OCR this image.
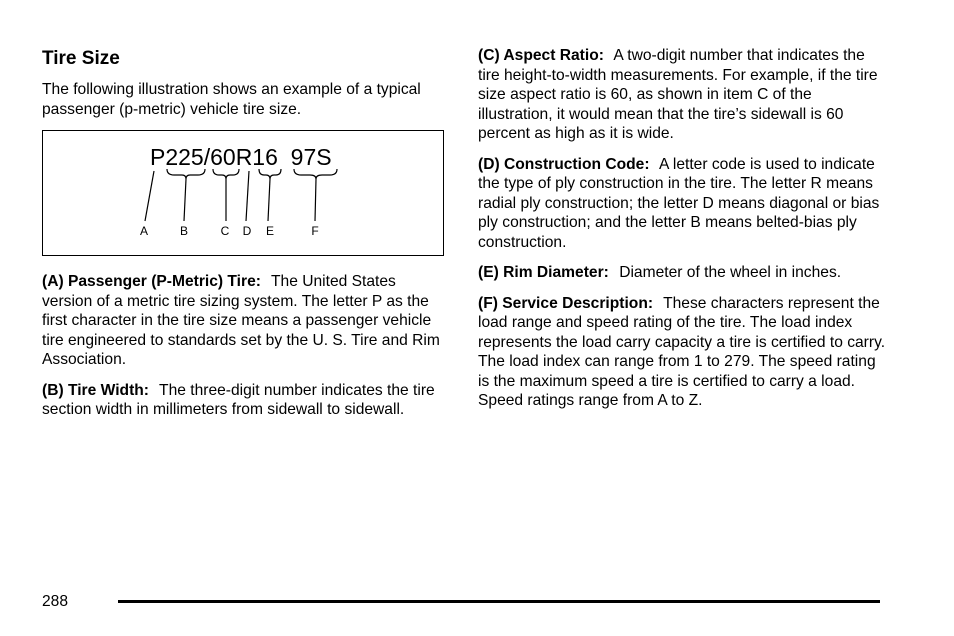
Tire Size

The following illustration shows an example of a typical passenger (p-metric) vehicle tire size.

P225/60R16  97S
A	B	C D E	F

(A) Passenger (P-Metric) Tire: The United States version of a metric tire sizing system. The letter P as the first character in the tire size means a passenger vehicle tire engineered to standards set by the U. S. Tire and Rim Association.

(B) Tire Width: The three-digit number indicates the tire section width in millimeters from sidewall to sidewall.

(C) Aspect Ratio: A two-digit number that indicates the tire height-to-width measurements. For example, if the tire size aspect ratio is 60, as shown in item C of the illustration, it would mean that the tire’s sidewall is 60 percent as high as it is wide.

(D) Construction Code: A letter code is used to indicate the type of ply construction in the tire. The letter R means radial ply construction; the letter D means diagonal or bias ply construction; and the letter B means belted-bias ply construction.

(E) Rim Diameter: Diameter of the wheel in inches.

(F) Service Description: These characters represent the load range and speed rating of the tire. The load index represents the load carry capacity a tire is certified to carry. The load index can range from 1 to 279. The speed rating is the maximum speed a tire is certified to carry a load. Speed ratings range from A to Z.

288
